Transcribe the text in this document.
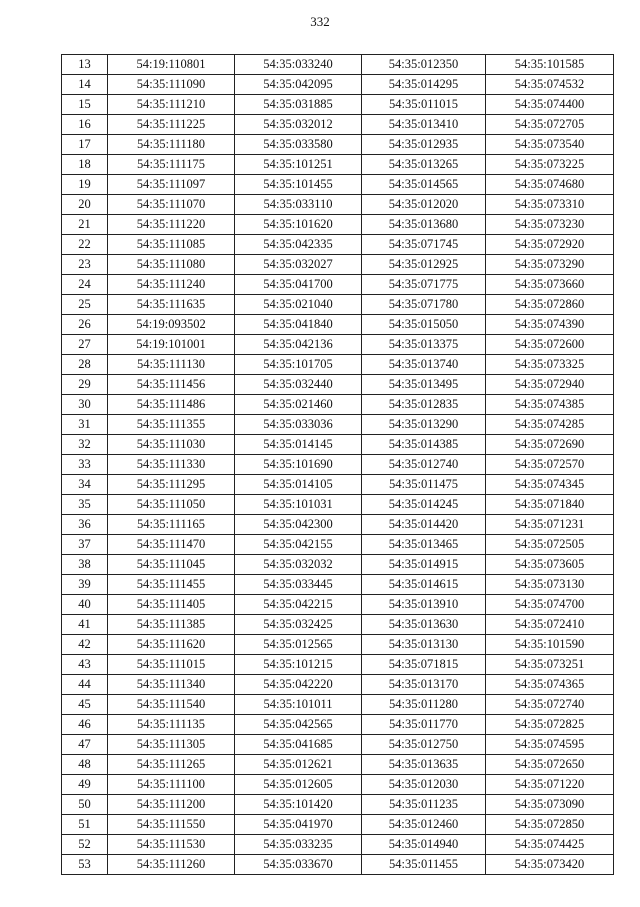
332
13	54:19:110801	54:35:033240	54:35:012350	54:35:101585
14	54:35:111090	54:35:042095	54:35:014295	54:35:074532
15	54:35:111210	54:35:031885	54:35:011015	54:35:074400
16	54:35:111225	54:35:032012	54:35:013410	54:35:072705
17	54:35:111180	54:35:033580	54:35:012935	54:35:073540
18	54:35:111175	54:35:101251	54:35:013265	54:35:073225
19	54:35:111097	54:35:101455	54:35:014565	54:35:074680
20	54:35:111070	54:35:033110	54:35:012020	54:35:073310
21	54:35:111220	54:35:101620	54:35:013680	54:35:073230
22	54:35:111085	54:35:042335	54:35:071745	54:35:072920
23	54:35:111080	54:35:032027	54:35:012925	54:35:073290
24	54:35:111240	54:35:041700	54:35:071775	54:35:073660
25	54:35:111635	54:35:021040	54:35:071780	54:35:072860
26	54:19:093502	54:35:041840	54:35:015050	54:35:074390
27	54:19:101001	54:35:042136	54:35:013375	54:35:072600
28	54:35:111130	54:35:101705	54:35:013740	54:35:073325
29	54:35:111456	54:35:032440	54:35:013495	54:35:072940
30	54:35:111486	54:35:021460	54:35:012835	54:35:074385
31	54:35:111355	54:35:033036	54:35:013290	54:35:074285
32	54:35:111030	54:35:014145	54:35:014385	54:35:072690
33	54:35:111330	54:35:101690	54:35:012740	54:35:072570
34	54:35:111295	54:35:014105	54:35:011475	54:35:074345
35	54:35:111050	54:35:101031	54:35:014245	54:35:071840
36	54:35:111165	54:35:042300	54:35:014420	54:35:071231
37	54:35:111470	54:35:042155	54:35:013465	54:35:072505
38	54:35:111045	54:35:032032	54:35:014915	54:35:073605
39	54:35:111455	54:35:033445	54:35:014615	54:35:073130
40	54:35:111405	54:35:042215	54:35:013910	54:35:074700
41	54:35:111385	54:35:032425	54:35:013630	54:35:072410
42	54:35:111620	54:35:012565	54:35:013130	54:35:101590
43	54:35:111015	54:35:101215	54:35:071815	54:35:073251
44	54:35:111340	54:35:042220	54:35:013170	54:35:074365
45	54:35:111540	54:35:101011	54:35:011280	54:35:072740
46	54:35:111135	54:35:042565	54:35:011770	54:35:072825
47	54:35:111305	54:35:041685	54:35:012750	54:35:074595
48	54:35:111265	54:35:012621	54:35:013635	54:35:072650
49	54:35:111100	54:35:012605	54:35:012030	54:35:071220
50	54:35:111200	54:35:101420	54:35:011235	54:35:073090
51	54:35:111550	54:35:041970	54:35:012460	54:35:072850
52	54:35:111530	54:35:033235	54:35:014940	54:35:074425
53	54:35:111260	54:35:033670	54:35:011455	54:35:073420
